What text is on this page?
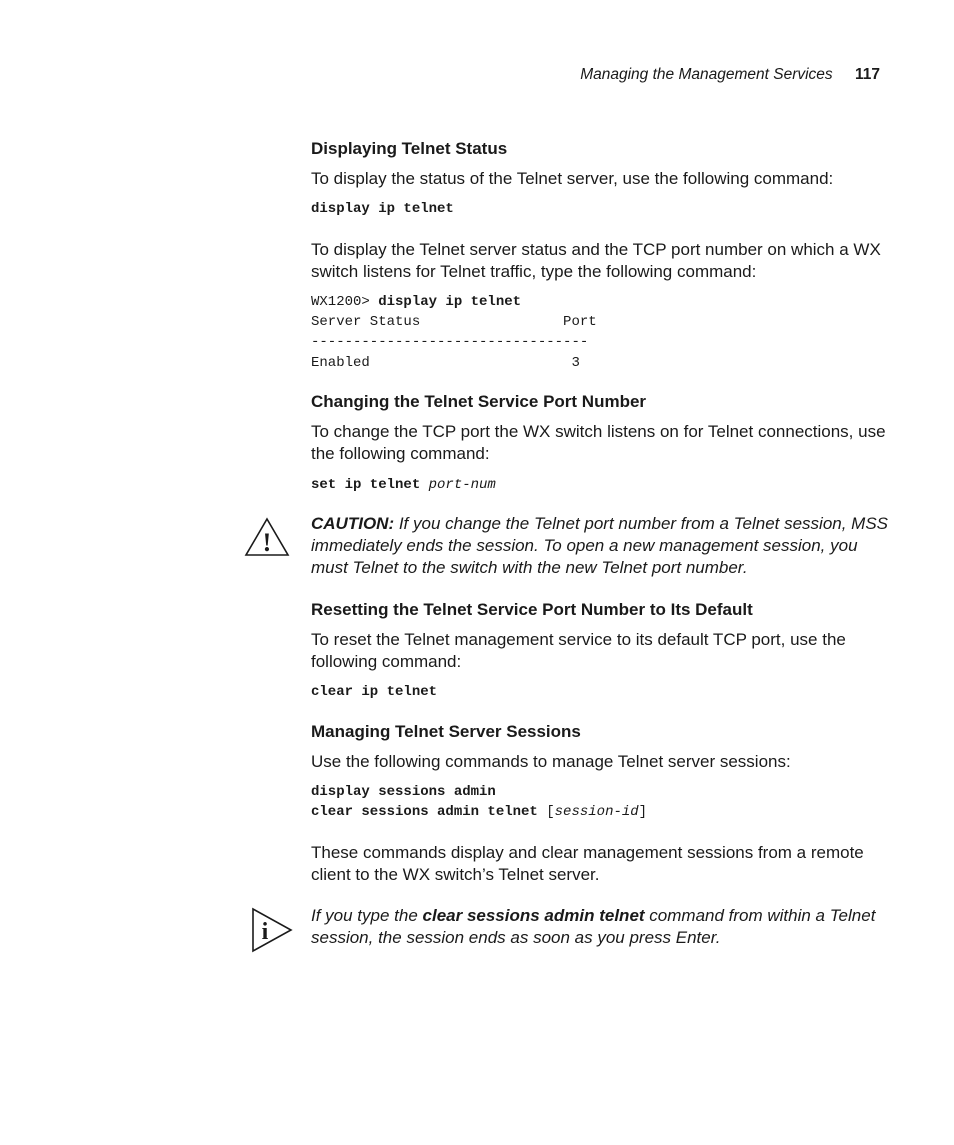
Managing the Management Services 117
Displaying Telnet Status

To display the status of the Telnet server, use the following command:

display ip telnet

To display the Telnet server status and the TCP port number on which a WX switch listens for Telnet traffic, type the following command:

WX1200> display ip telnet
Server Status                 Port
---------------------------------
Enabled                        3
Changing the Telnet Service Port Number

To change the TCP port the WX switch listens on for Telnet connections, use the following command:

set ip telnet port-num
!

CAUTION: If you change the Telnet port number from a Telnet session, MSS immediately ends the session. To open a new management session, you must Telnet to the switch with the new Telnet port number.

Resetting the Telnet Service Port Number to Its Default

To reset the Telnet management service to its default TCP port, use the following command:

clear ip telnet
Managing Telnet Server Sessions

Use the following commands to manage Telnet server sessions:

display sessions admin
clear sessions admin telnet [session-id]

These commands display and clear management sessions from a remote client to the WX switch’s Telnet server.

i

If you type the clear sessions admin telnet command from within a Telnet session, the session ends as soon as you press Enter.
